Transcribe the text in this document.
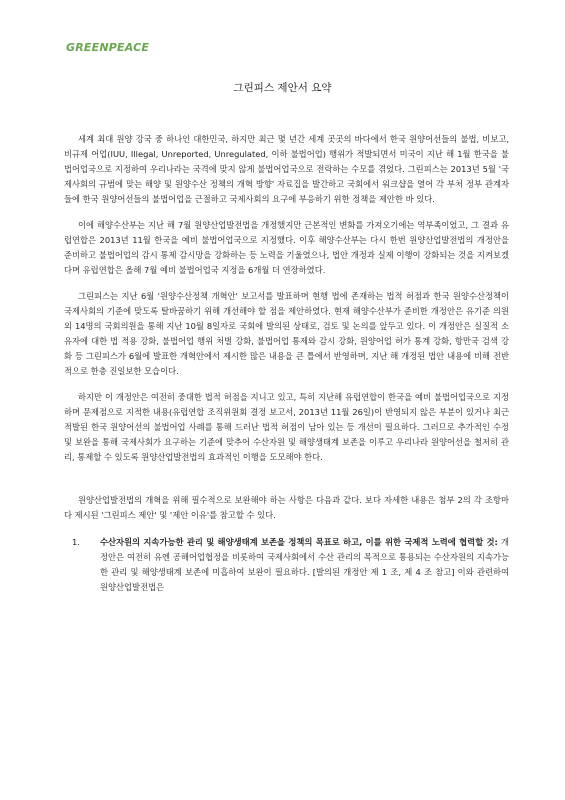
GREENPEACE
그린피스 제안서 요약

세계 최대 원양 강국 중 하나인 대한민국, 하지만 최근 몇 년간 세계 곳곳의 바다에서 한국 원양어선들의 불법, 비보고, 비규제 어업(IUU, Illegal, Unreported, Unregulated, 이하 불법어업) 행위가 적발되면서 미국이 지난 해 1월 한국을 불법어업국으로 지정하여 우리나라는 국격에 맞지 않게 불법어업국으로 전락하는 수모를 겪었다. 그린피스는 2013년 5월 '국제사회의 규범에 맞는 해양 및 원양수산 정책의 개혁 방향' 자료집을 발간하고 국회에서 워크샵을 열어 각 부처 정부 관계자들에 한국 원양어선들의 불법어업을 근절하고 국제사회의 요구에 부응하기 위한 정책을 제안한 바 있다.

이에 해양수산부는 지난 해 7월 원양산업발전법을 개정했지만 근본적인 변화를 가져오기에는 역부족이었고, 그 결과 유럽연합은 2013년 11월 한국을 예비 불법어업국으로 지정했다. 이후 해양수산부는 다시 한번 원양산업발전법의 개정안을 준비하고 불법어업의 감시 통제 감시망을 강화하는 등 노력을 기울였으나, 법안 개정과 실제 이행이 강화되는 것을 지켜보겠다며 유럽연합은 올해 7월 예비 불법어업국 지정을 6개월 더 연장하였다.

그린피스는 지난 6월 '원양수산정책 개혁안' 보고서를 발표하며 현행 법에 존재하는 법적 허점과 한국 원양수산정책이 국제사회의 기준에 맞도록 탈바꿈하기 위해 개선해야 할 점을 제안하였다. 현재 해양수산부가 준비한 개정안은 유기준 의원 외 14명의 국회의원을 통해 지난 10월 8일자로 국회에 발의된 상태로, 검토 및 논의를 앞두고 있다. 이 개정안은 실질적 소유자에 대한 법 적용 강화, 불법어업 행위 처벌 강화, 불법어업 통제와 감시 강화, 원양어업 허가 통계 강화, 항만국 검색 강화 등 그린피스가 6월에 발표한 개혁안에서 제시한 많은 내용을 큰 틀에서 반영하며, 지난 해 개정된 법안 내용에 비해 전반적으로 한층 진일보한 모습이다.

하지만 이 개정안은 여전히 중대한 법적 허점을 지니고 있고, 특히 지난해 유럽연합이 한국을 예비 불법어업국으로 지정하며 문제점으로 지적한 내용(유럽연합 조직위원회 결정 보고서, 2013년 11월 26일)이 반영되지 않은 부분이 있거나 최근 적발된 한국 원양어선의 불법어업 사례를 통해 드러난 법적 허점이 남아 있는 등 개선이 필요하다. 그러므로 추가적인 수정 및 보완을 통해 국제사회가 요구하는 기준에 맞추어 수산자원 및 해양생태계 보존을 이루고 우리나라 원양어선을 철저히 관리, 통제할 수 있도록 원양산업발전법의 효과적인 이행을 도모해야 한다.

원양산업발전법의 개혁을 위해 필수적으로 보완해야 하는 사항은 다음과 같다. 보다 자세한 내용은 첨부 2의 각 조항마다 제시된 '그린피스 제안' 및 '제안 이유'를 참고할 수 있다.

1.	수산자원의 지속가능한 관리 및 해양생태계 보존을 정책의 목표로 하고, 이를 위한 국제적 노력에 협력할 것: 개정안은 여전히 유엔 공해어업협정을 비롯하여 국제사회에서 수산 관리의 목적으로 통용되는 수산자원의 지속가능한 관리 및 해양생태계 보존에 미흡하여 보완이 필요하다. [발의된 개정안 제 1 조, 제 4 조 참고] 이와 관련하여 원양산업발전법은
